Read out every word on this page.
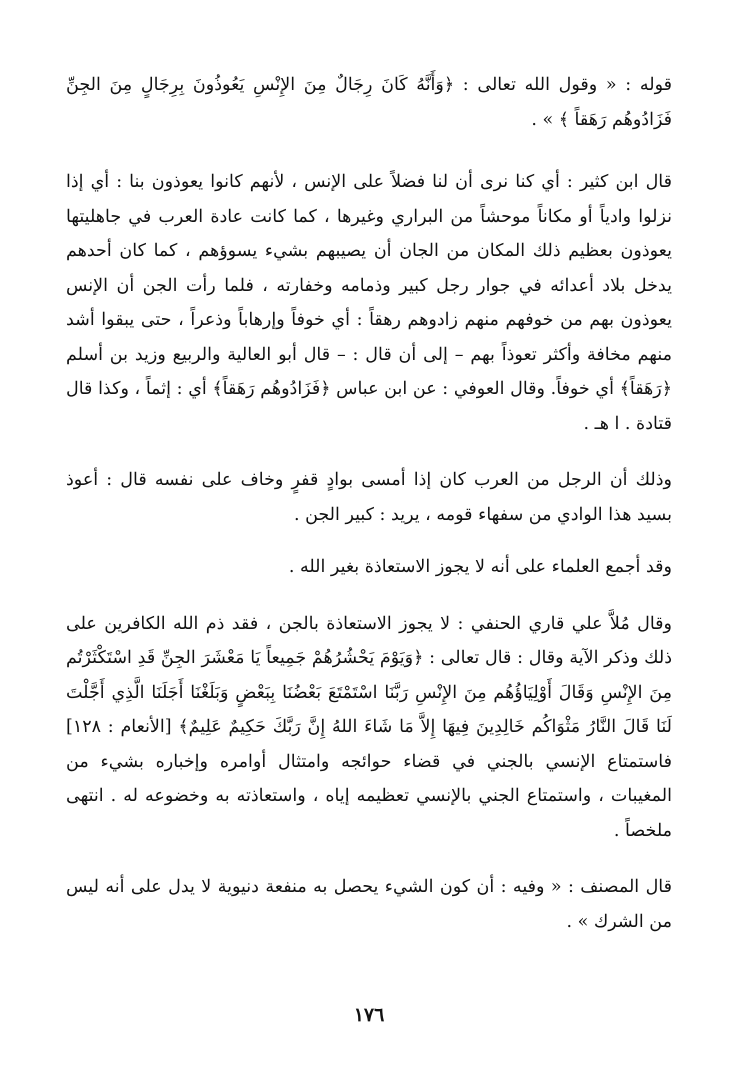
قوله : « وقول الله تعالى : ﴿وَأَنَّهُ كَانَ رِجَالٌ مِنَ الإِنْسِ يَعُوذُونَ بِرِجَالٍ مِنَ الجِنِّ فَزَادُوهُم رَهَقاً ﴾ » .

قال ابن كثير : أي كنا نرى أن لنا فضلاً على الإنس ، لأنهم كانوا يعوذون بنا : أي إذا نزلوا وادياً أو مكاناً موحشاً من البراري وغيرها ، كما كانت عادة العرب في جاهليتها يعوذون بعظيم ذلك المكان من الجان أن يصيبهم بشيء يسوؤهم ، كما كان أحدهم يدخل بلاد أعدائه في جوار رجل كبير وذمامه وخفارته ، فلما رأت الجن أن الإنس يعوذون بهم من خوفهم منهم زادوهم رهقاً : أي خوفاً وإرهاباً وذعراً ، حتى يبقوا أشد منهم مخافة وأكثر تعوذاً بهم – إلى أن قال : – قال أبو العالية والربيع وزيد بن أسلم ﴿رَهَقاً﴾ أي خوفاً. وقال العوفي : عن ابن عباس ﴿فَزَادُوهُم رَهَقاً﴾ أي : إثماً ، وكذا قال قتادة . ا هـ .

وذلك أن الرجل من العرب كان إذا أمسى بوادٍ قفرٍ وخاف على نفسه قال : أعوذ بسيد هذا الوادي من سفهاء قومه ، يريد : كبير الجن .

وقد أجمع العلماء على أنه لا يجوز الاستعاذة بغير الله .

وقال مُلاَّ علي قاري الحنفي : لا يجوز الاستعاذة بالجن ، فقد ذم الله الكافرين على ذلك وذكر الآية وقال : قال تعالى : ﴿وَيَوْمَ يَحْشُرُهُمْ جَمِيعاً يَا مَعْشَرَ الجِنِّ قَدِ اسْتَكْثَرْتُم مِنَ الإِنْسِ وَقَالَ أَوْلِيَاؤُهُم مِنَ الإِنْسِ رَبَّنَا اسْتَمْتَعَ بَعْضُنَا بِبَعْضٍ وَبَلَغْنَا أَجَلَنَا الَّذِي أَجَّلْتَ لَنَا قَالَ النَّارُ مَثْوَاكُم خَالِدِينَ فِيهَا إِلاَّ مَا شَاءَ اللهُ إِنَّ رَبَّكَ حَكِيمٌ عَلِيمٌ﴾ [الأنعام : ١٢٨] فاستمتاع الإنسي بالجني في قضاء حوائجه وامتثال أوامره وإخباره بشيء من المغيبات ، واستمتاع الجني بالإنسي تعظيمه إياه ، واستعاذته به وخضوعه له . انتهى ملخصاً .

قال المصنف : « وفيه : أن كون الشيء يحصل به منفعة دنيوية لا يدل على أنه ليس من الشرك » .

١٧٦
